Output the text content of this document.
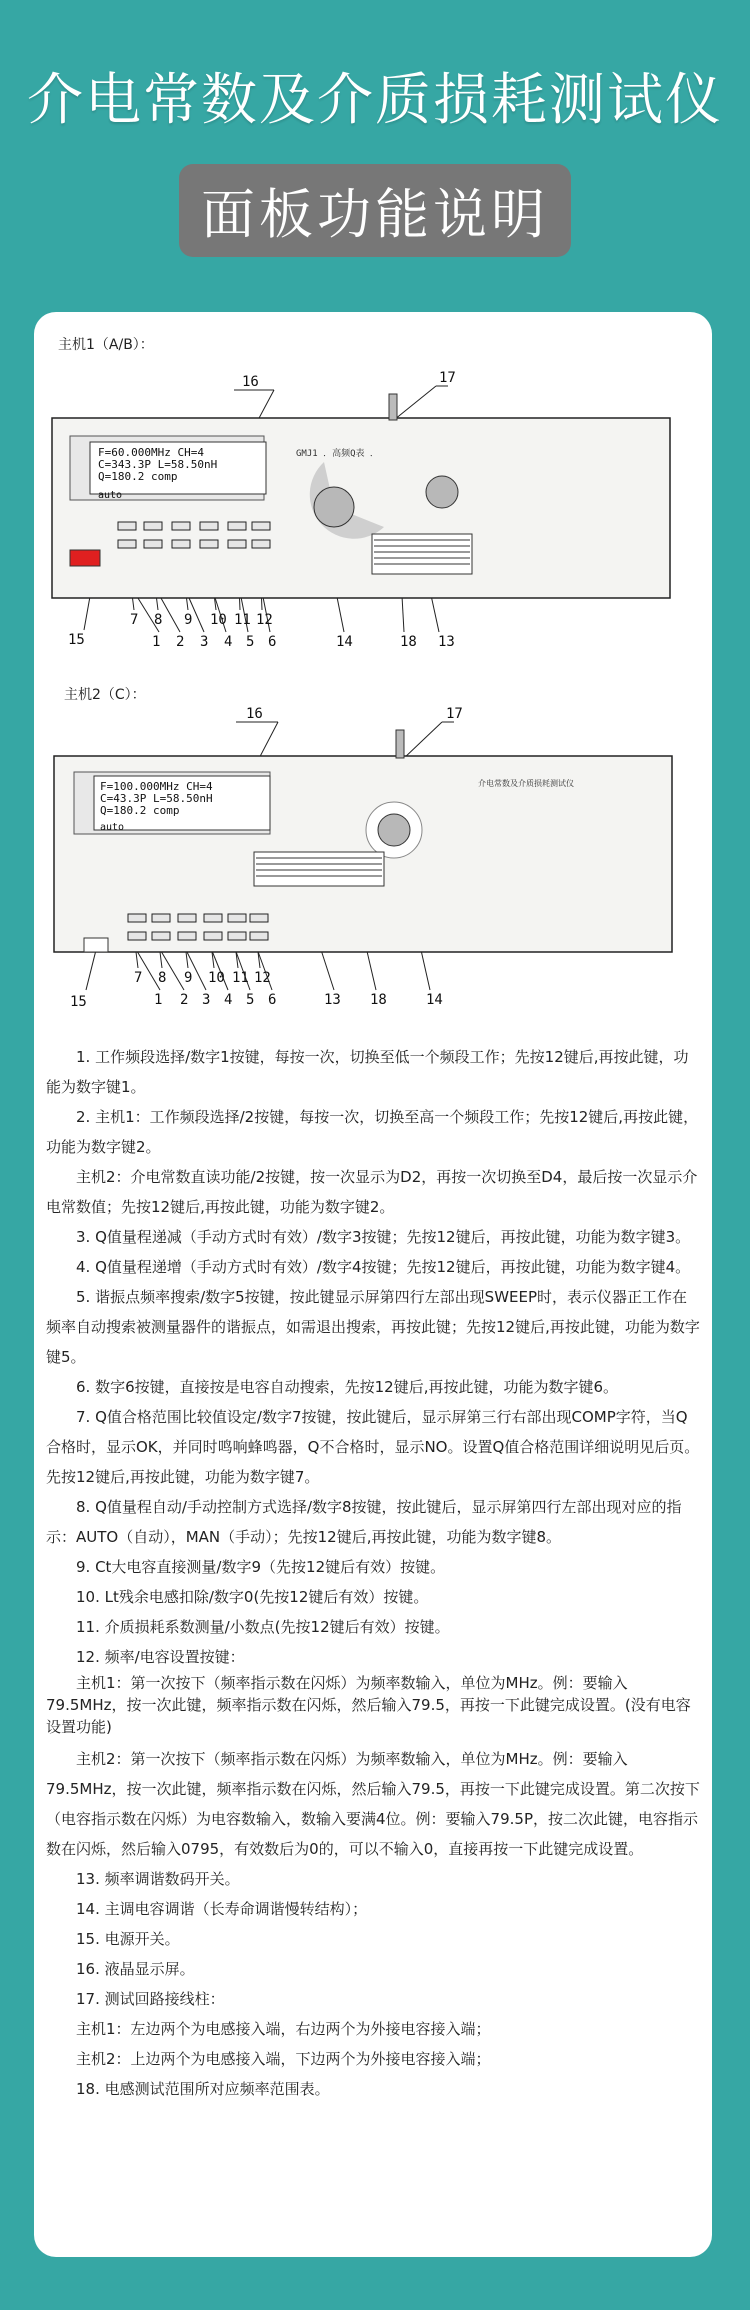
介电常数及介质损耗测试仪
面板功能说明
主机1（A/B）：
F=60.000MHz CH=4
C=343.3P L=58.50nH
Q=180.2 comp
auto
GMJ1 ．高频Q表 ．
16	17
15
7 8 9 10 11 12
1 2 3 4 5 6	14	18 13
主机2（C）：
F=100.000MHz CH=4
C=43.3P L=58.50nH
Q=180.2 comp
auto
介电常数及介质损耗测试仪
16	17
15
7 8 9 10 11 12
1 2 3 4 5 6	13 18	14

1. 工作频段选择/数字1按键，每按一次，切换至低一个频段工作；先按12键后,再按此键，功能为数字键1。

2. 主机1：工作频段选择/2按键，每按一次，切换至高一个频段工作；先按12键后,再按此键，功能为数字键2。

主机2：介电常数直读功能/2按键，按一次显示为D2，再按一次切换至D4，最后按一次显示介电常数值；先按12键后,再按此键，功能为数字键2。

3. Q值量程递减（手动方式时有效）/数字3按键；先按12键后，再按此键，功能为数字键3。

4. Q值量程递增（手动方式时有效）/数字4按键；先按12键后，再按此键，功能为数字键4。

5. 谐振点频率搜索/数字5按键，按此键显示屏第四行左部出现SWEEP时，表示仪器正工作在频率自动搜索被测量器件的谐振点，如需退出搜索，再按此键；先按12键后,再按此键，功能为数字键5。

6. 数字6按键，直接按是电容自动搜索，先按12键后,再按此键，功能为数字键6。

7. Q值合格范围比较值设定/数字7按键，按此键后，显示屏第三行右部出现COMP字符，当Q合格时，显示OK，并同时鸣响蜂鸣器，Q不合格时，显示NO。设置Q值合格范围详细说明见后页。先按12键后,再按此键，功能为数字键7。

8. Q值量程自动/手动控制方式选择/数字8按键，按此键后，显示屏第四行左部出现对应的指示：AUTO（自动），MAN（手动）；先按12键后,再按此键，功能为数字键8。

9. Ct大电容直接测量/数字9（先按12键后有效）按键。

10. Lt残余电感扣除/数字0(先按12键后有效）按键。

11. 介质损耗系数测量/小数点(先按12键后有效）按键。

12. 频率/电容设置按键：

主机1：第一次按下（频率指示数在闪烁）为频率数输入，单位为MHz。例：要输入79.5MHz，按一次此键，频率指示数在闪烁，然后输入79.5，再按一下此键完成设置。(没有电容设置功能)

主机2：第一次按下（频率指示数在闪烁）为频率数输入，单位为MHz。例：要输入79.5MHz，按一次此键，频率指示数在闪烁，然后输入79.5，再按一下此键完成设置。第二次按下（电容指示数在闪烁）为电容数输入，数输入要满4位。例：要输入79.5P，按二次此键，电容指示数在闪烁，然后输入0795，有效数后为0的，可以不输入0，直接再按一下此键完成设置。

13. 频率调谐数码开关。

14. 主调电容调谐（长寿命调谐慢转结构）；

15. 电源开关。

16. 液晶显示屏。

17. 测试回路接线柱：

主机1：左边两个为电感接入端，右边两个为外接电容接入端；

主机2：上边两个为电感接入端，下边两个为外接电容接入端；

18. 电感测试范围所对应频率范围表。
